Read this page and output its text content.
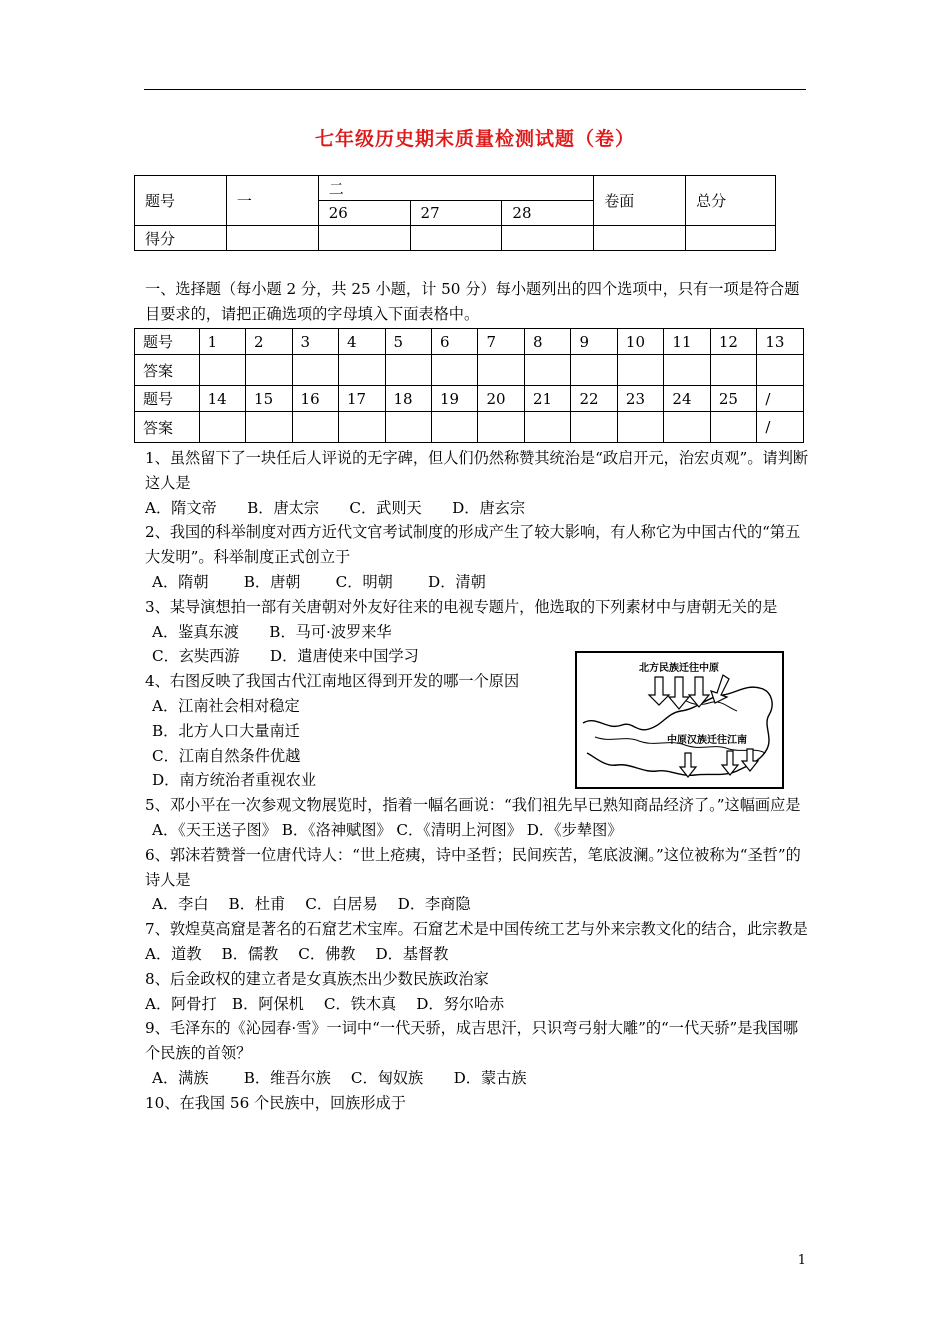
七年级历史期末质量检测试题（卷）
题号	一	二			卷面	总分
		26	27	28		
得分						
题号	1	2	3	4	5	6	7	8	9	10	11	12	13
答案													
题号	14	15	16	17	18	19	20	21	22	23	24	25	/
答案													/

一、选择题（每小题 2 分，共 25 小题，计 50 分）每小题列出的四个选项中，只有一项是符合题目要求的，请把正确选项的字母填入下面表格中。

1、虽然留下了一块任后人评说的无字碑，但人们仍然称赞其统治是“政启开元，治宏贞观”。请判断这人是

A．隋文帝　　B．唐太宗　　C．武则天　　D．唐玄宗

2、我国的科举制度对西方近代文官考试制度的形成产生了较大影响，有人称它为中国古代的“第五大发明”。科举制度正式创立于

A．隋朝　　 B．唐朝　　 C．明朝　　 D．清朝

3、某导演想拍一部有关唐朝对外友好往来的电视专题片，他选取的下列素材中与唐朝无关的是

A．鉴真东渡　　B．马可·波罗来华

C．玄奘西游　　D．遣唐使来中国学习

4、右图反映了我国古代江南地区得到开发的哪一个原因

A．江南社会相对稳定

B．北方人口大量南迁

C．江南自然条件优越

D．南方统治者重视农业

5、邓小平在一次参观文物展览时，指着一幅名画说：“我们祖先早已熟知商品经济了。”这幅画应是

A．《天王送子图》 B．《洛神赋图》 C．《清明上河图》 D．《步辇图》

6、郭沫若赞誉一位唐代诗人：“世上疮痍，诗中圣哲；民间疾苦，笔底波澜。”这位被称为“圣哲”的诗人是

A．李白　 B．杜甫　 C．白居易　 D．李商隐

7、敦煌莫高窟是著名的石窟艺术宝库。石窟艺术是中国传统工艺与外来宗教文化的结合，此宗教是

A．道教　 B．儒教　 C．佛教　 D．基督教

8、后金政权的建立者是女真族杰出少数民族政治家

A．阿骨打　B．阿保机　 C．铁木真　 D．努尔哈赤

9、毛泽东的《沁园春·雪》一词中“一代天骄，成吉思汗，只识弯弓射大雕”的“一代天骄”是我国哪个民族的首领？

A．满族　　 B．维吾尔族　 C．匈奴族　　D．蒙古族

10、在我国 56 个民族中，回族形成于

北方民族迁往中原
中原汉族迁往江南
1
